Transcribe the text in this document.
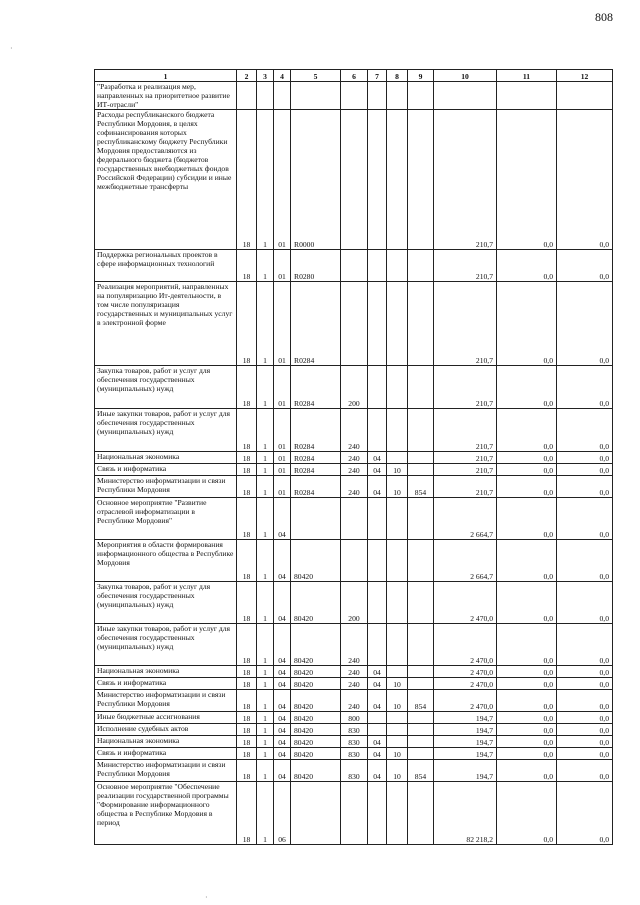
808
1	2	3	4	5	6	7	8	9	10	11	12
"Разработка и реализация мер, направленных на приоритетное развитие ИТ-отрасли"											
Расходы республиканского бюджета Республики Мордовия, в целях софинансирования которых республиканскому бюджету Республики Мордовия предоставляются из федерального бюджета (бюджетов государственных внебюджетных фондов Российской Федерации) субсидии и иные межбюджетные трансферты	18	1	01	R0000					210,7	0,0	0,0
Поддержка региональных проектов в сфере информационных технологий	18	1	01	R0280					210,7	0,0	0,0
Реализация мероприятий, направленных на популяризацию Ит-деятельности, в том числе популяризация государственных и муниципальных услуг в электронной форме	18	1	01	R0284					210,7	0,0	0,0
Закупка товаров, работ и услуг для обеспечения государственных (муниципальных) нужд	18	1	01	R0284	200				210,7	0,0	0,0
Иные закупки товаров, работ и услуг для обеспечения государственных (муниципальных) нужд	18	1	01	R0284	240				210,7	0,0	0,0
Национальная экономика	18	1	01	R0284	240	04			210,7	0,0	0,0
Связь и информатика	18	1	01	R0284	240	04	10		210,7	0,0	0,0
Министерство информатизации и связи Республики Мордовия	18	1	01	R0284	240	04	10	854	210,7	0,0	0,0
Основное мероприятие "Развитие отраслевой информатизации в Республике Мордовия"	18	1	04						2 664,7	0,0	0,0
Мероприятия в области формирования информационного общества в Республике Мордовия	18	1	04	80420					2 664,7	0,0	0,0
Закупка товаров, работ и услуг для обеспечения государственных (муниципальных) нужд	18	1	04	80420	200				2 470,0	0,0	0,0
Иные закупки товаров, работ и услуг для обеспечения государственных (муниципальных) нужд	18	1	04	80420	240				2 470,0	0,0	0,0
Национальная экономика	18	1	04	80420	240	04			2 470,0	0,0	0,0
Связь и информатика	18	1	04	80420	240	04	10		2 470,0	0,0	0,0
Министерство информатизации и связи Республики Мордовия	18	1	04	80420	240	04	10	854	2 470,0	0,0	0,0
Иные бюджетные ассигнования	18	1	04	80420	800				194,7	0,0	0,0
Исполнение судебных актов	18	1	04	80420	830				194,7	0,0	0,0
Национальная экономика	18	1	04	80420	830	04			194,7	0,0	0,0
Связь и информатика	18	1	04	80420	830	04	10		194,7	0,0	0,0
Министерство информатизации и связи Республики Мордовия	18	1	04	80420	830	04	10	854	194,7	0,0	0,0
Основное мероприятие "Обеспечение реализации государственной программы "Формирование информационного общества в Республике Мордовия в период	18	1	06						82 218,2	0,0	0,0
·
·
